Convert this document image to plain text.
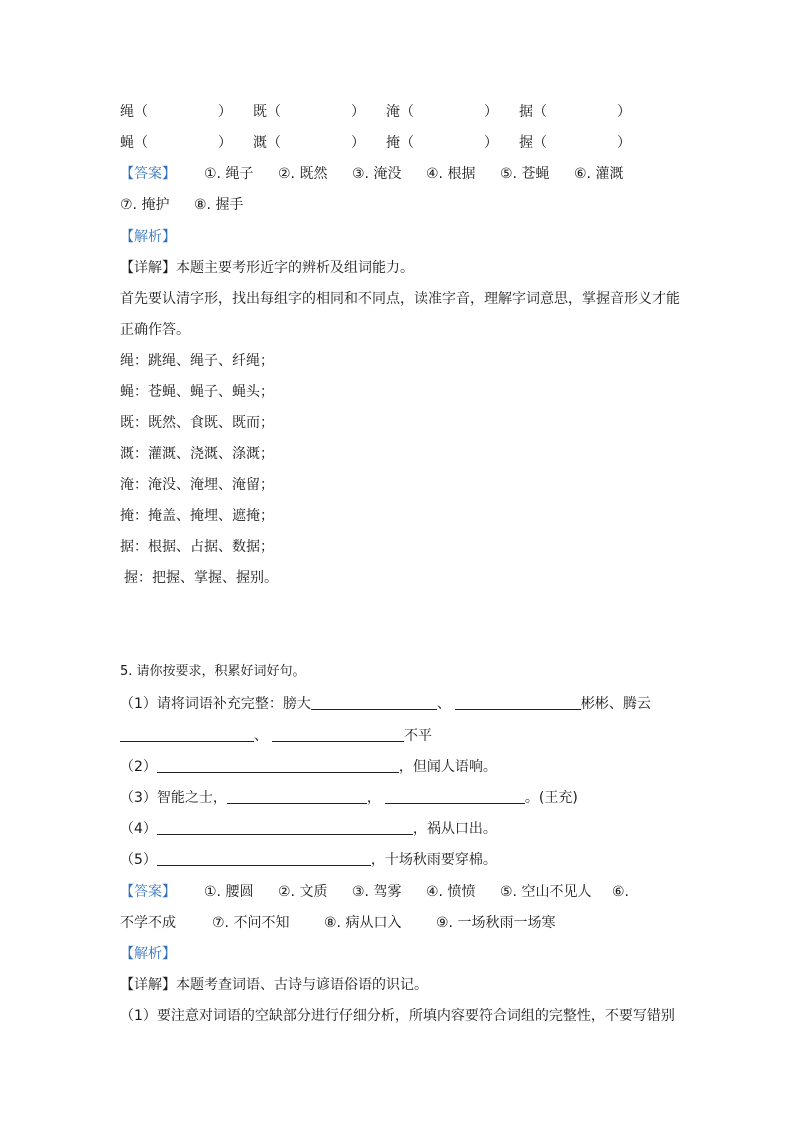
绳（　　　　　） 既（　　　　　） 淹（　　　　　） 据（　　　　　）
蝇（　　　　　） 溉（　　　　　） 掩（　　　　　） 握（　　　　　）
【答案】 ①. 绳子 ②. 既然 ③. 淹没 ④. 根据 ⑤. 苍蝇 ⑥. 灌溉
⑦. 掩护 ⑧. 握手
【解析】
【详解】本题主要考形近字的辨析及组词能力。
首先要认清字形，找出每组字的相同和不同点，读准字音，理解字词意思，掌握音形义才能
正确作答。
绳：跳绳、绳子、纤绳；
蝇：苍蝇、蝇子、蝇头；
既：既然、食既、既而；
溉：灌溉、浇溉、涤溉；
淹：淹没、淹埋、淹留；
掩：掩盖、掩埋、遮掩；
据：根据、占据、数据；
握：把握、掌握、握别。
5. 请你按要求，积累好词好句。
（1）请将词语补充完整：膀大	、	彬彬、腾云
、	不平
（2）	，但闻人语响。
（3）智能之士，	，	。(王充)
（4）	，祸从口出。
（5）	，十场秋雨要穿棉。
【答案】 ①. 腰圆 ②. 文质 ③. 驾雾 ④. 愤愤 ⑤. 空山不见人 ⑥.
不学不成	⑦. 不问不知 ⑧. 病从口入 ⑨. 一场秋雨一场寒
【解析】
【详解】本题考查词语、古诗与谚语俗语的识记。
（1）要注意对词语的空缺部分进行仔细分析，所填内容要符合词组的完整性，不要写错别
